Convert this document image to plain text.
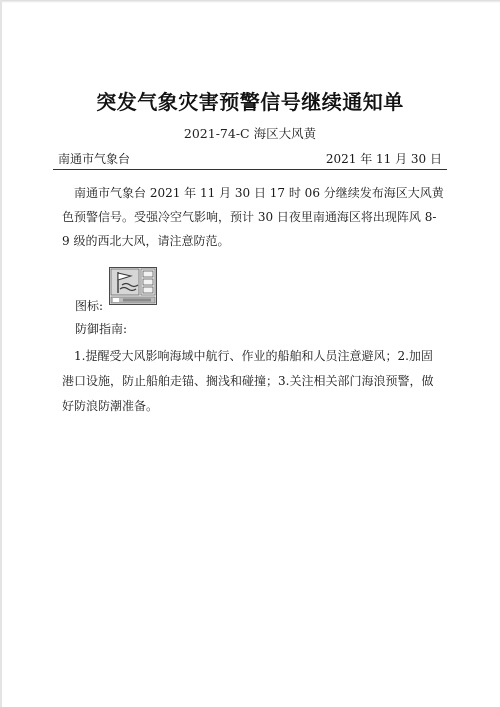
突发气象灾害预警信号继续通知单
2021-74-C 海区大风黄
南通市气象台	2021 年 11 月 30 日

南通市气象台 2021 年 11 月 30 日 17 时 06 分继续发布海区大风黄色预警信号。受强冷空气影响，预计 30 日夜里南通海区将出现阵风 8-9 级的西北大风，请注意防范。

图标:
防御指南:

1.提醒受大风影响海域中航行、作业的船舶和人员注意避风；2.加固港口设施，防止船舶走锚、搁浅和碰撞；3.关注相关部门海浪预警，做好防浪防潮准备。
